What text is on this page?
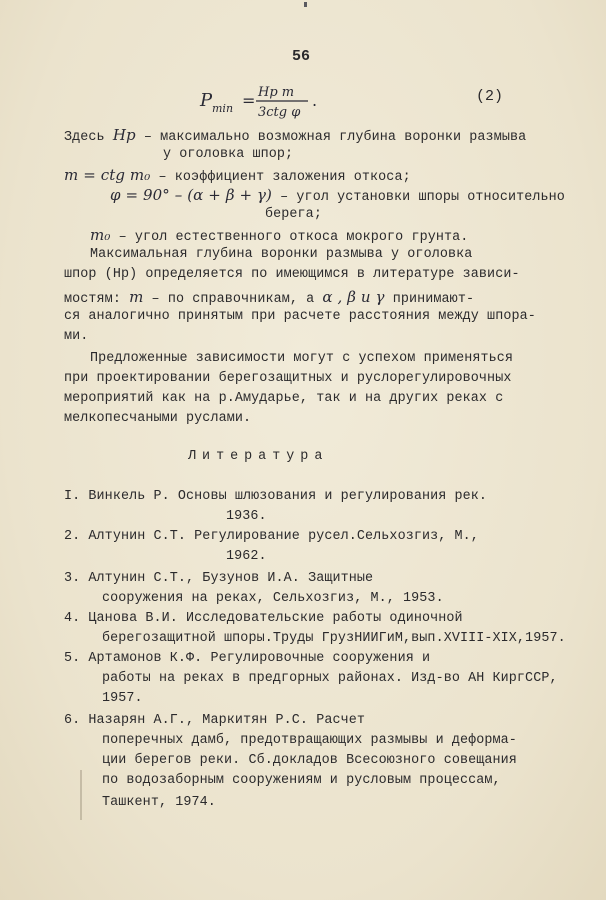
56
P min = Hp m
3ctg φ
.	(2)
Здесь Hp – максимально возможная глубина воронки размыва
у оголовка шпор;
m = ctg m₀ – коэффициент заложения откоса;
φ = 90° – (α + β + γ) – угол установки шпоры относительно
берега;
m₀ – угол естественного откоса мокрого грунта.
Максимальная глубина воронки размыва у оголовка
шпор (Нр) определяется по имеющимся в литературе зависи-
мостям: m – по справочникам, а α , β и γ принимают-
ся аналогично принятым при расчете расстояния между шпора-
ми.
Предложенные зависимости могут с успехом применяться
при проектировании берегозащитных и руслорегулировочных
мероприятий как на р.Амударье, так и на других реках с
мелкопесчаными руслами.
Литература
I. Винкель Р. Основы шлюзования и регулирования рек.
1936.
2. Алтунин С.Т. Регулирование русел.Сельхозгиз, М.,
1962.
3. Алтунин С.Т., Бузунов И.А. Защитные
сооружения на реках, Сельхозгиз, М., 1953.
4. Цанова В.И. Исследовательские работы одиночной
берегозащитной шпоры.Труды ГрузНИИГиМ,вып.ХVIII-XIX,1957.
5. Артамонов К.Ф. Регулировочные сооружения и
работы на реках в предгорных районах. Изд-во АН КиргССР,
1957.
6. Назарян А.Г., Маркитян Р.С. Расчет
поперечных дамб, предотвращающих размывы и деформа-
ции берегов реки. Сб.докладов Всесоюзного совещания
по водозаборным сооружениям и русловым процессам,
Ташкент, 1974.
